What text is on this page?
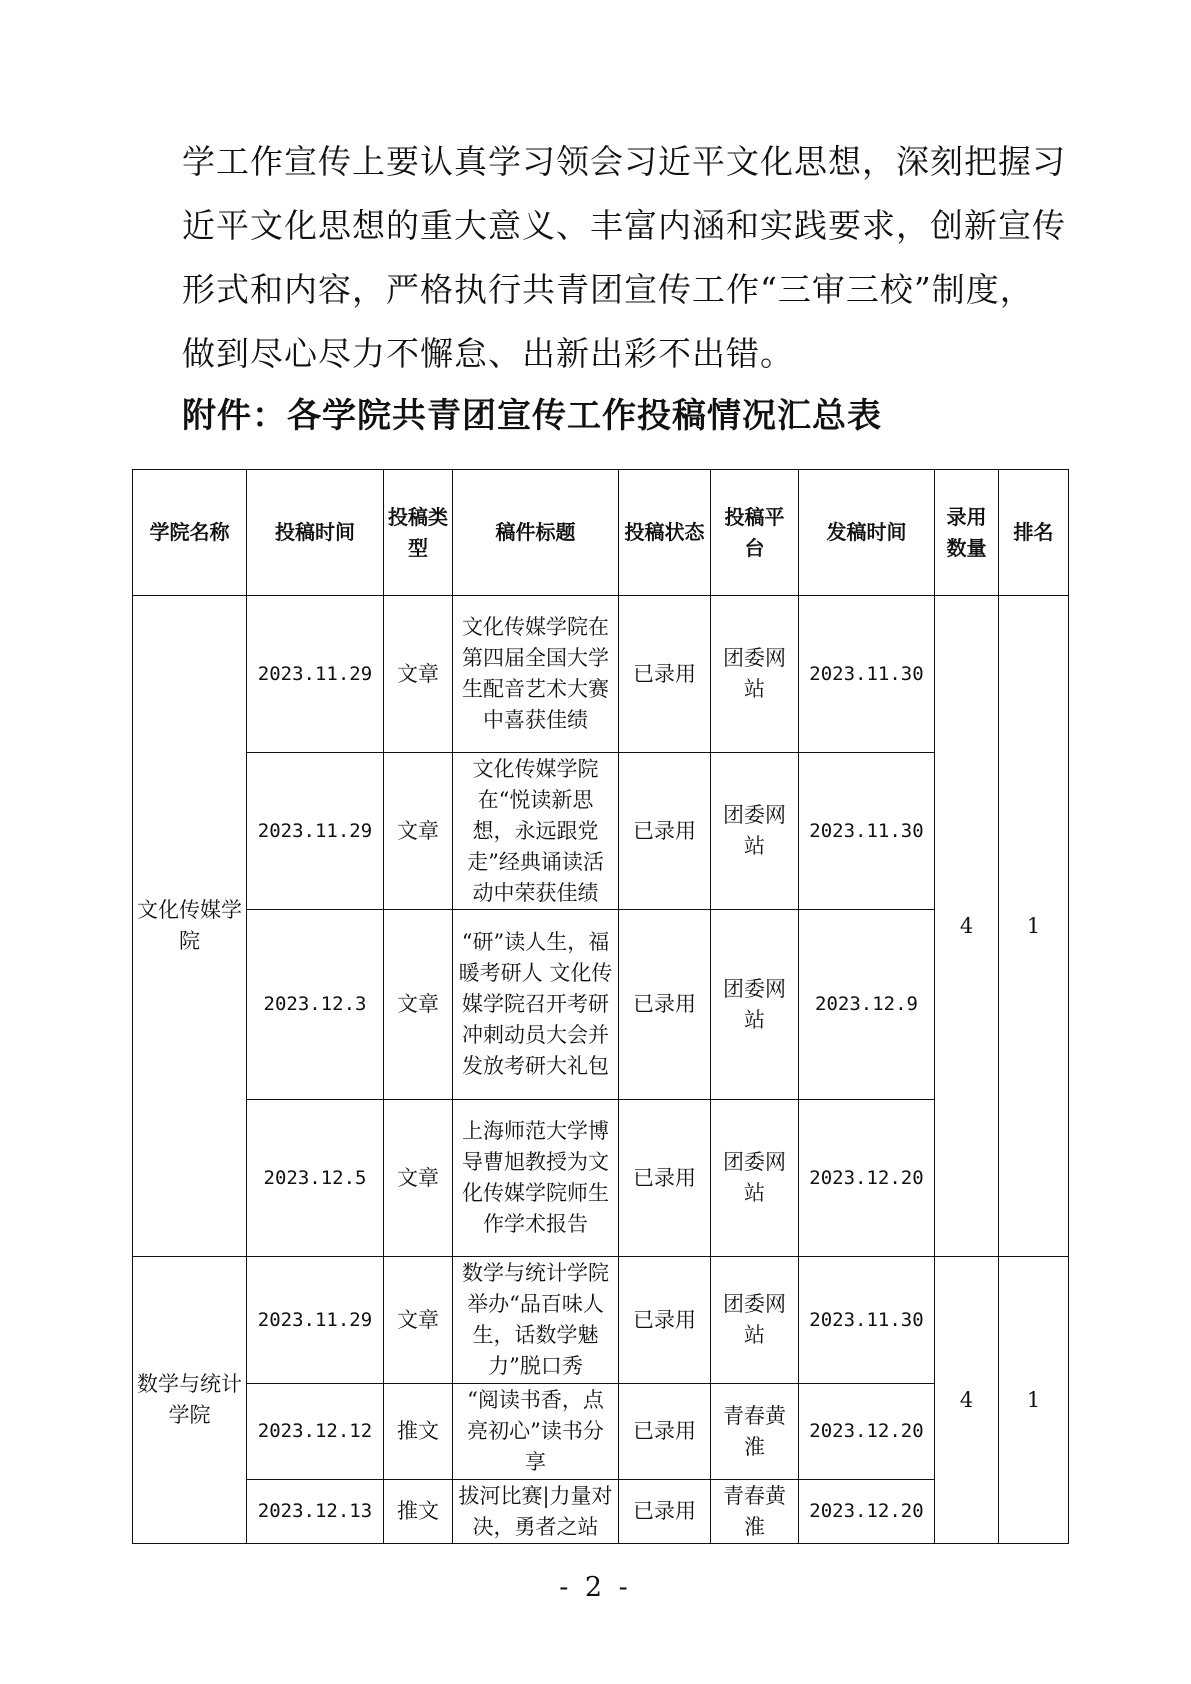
学工作宣传上要认真学习领会习近平文化思想，深刻把握习

近平文化思想的重大意义、丰富内涵和实践要求，创新宣传

形式和内容，严格执行共青团宣传工作“三审三校”制度，

做到尽心尽力不懈怠、出新出彩不出错。

附件：各学院共青团宣传工作投稿情况汇总表
学院名称	投稿时间	投稿类型	稿件标题	投稿状态	投稿平台	发稿时间	录用数量	排名
文化传媒学院	2023.11.29	文章	文化传媒学院在第四届全国大学生配音艺术大赛中喜获佳绩	已录用	团委网站	2023.11.30	4	1
	2023.11.29	文章	文化传媒学院在“悦读新思想，永远跟党走”经典诵读活动中荣获佳绩	已录用	团委网站	2023.11.30		
	2023.12.3	文章	“研”读人生，福暖考研人 文化传媒学院召开考研冲刺动员大会并发放考研大礼包	已录用	团委网站	2023.12.9		
	2023.12.5	文章	上海师范大学博导曹旭教授为文化传媒学院师生作学术报告	已录用	团委网站	2023.12.20		
数学与统计学院	2023.11.29	文章	数学与统计学院举办“品百味人生，话数学魅力”脱口秀	已录用	团委网站	2023.11.30	4	1
	2023.12.12	推文	“阅读书香，点亮初心”读书分享	已录用	青春黄淮	2023.12.20		
	2023.12.13	推文	拔河比赛|力量对决，勇者之站	已录用	青春黄淮	2023.12.20		
- 2 -
